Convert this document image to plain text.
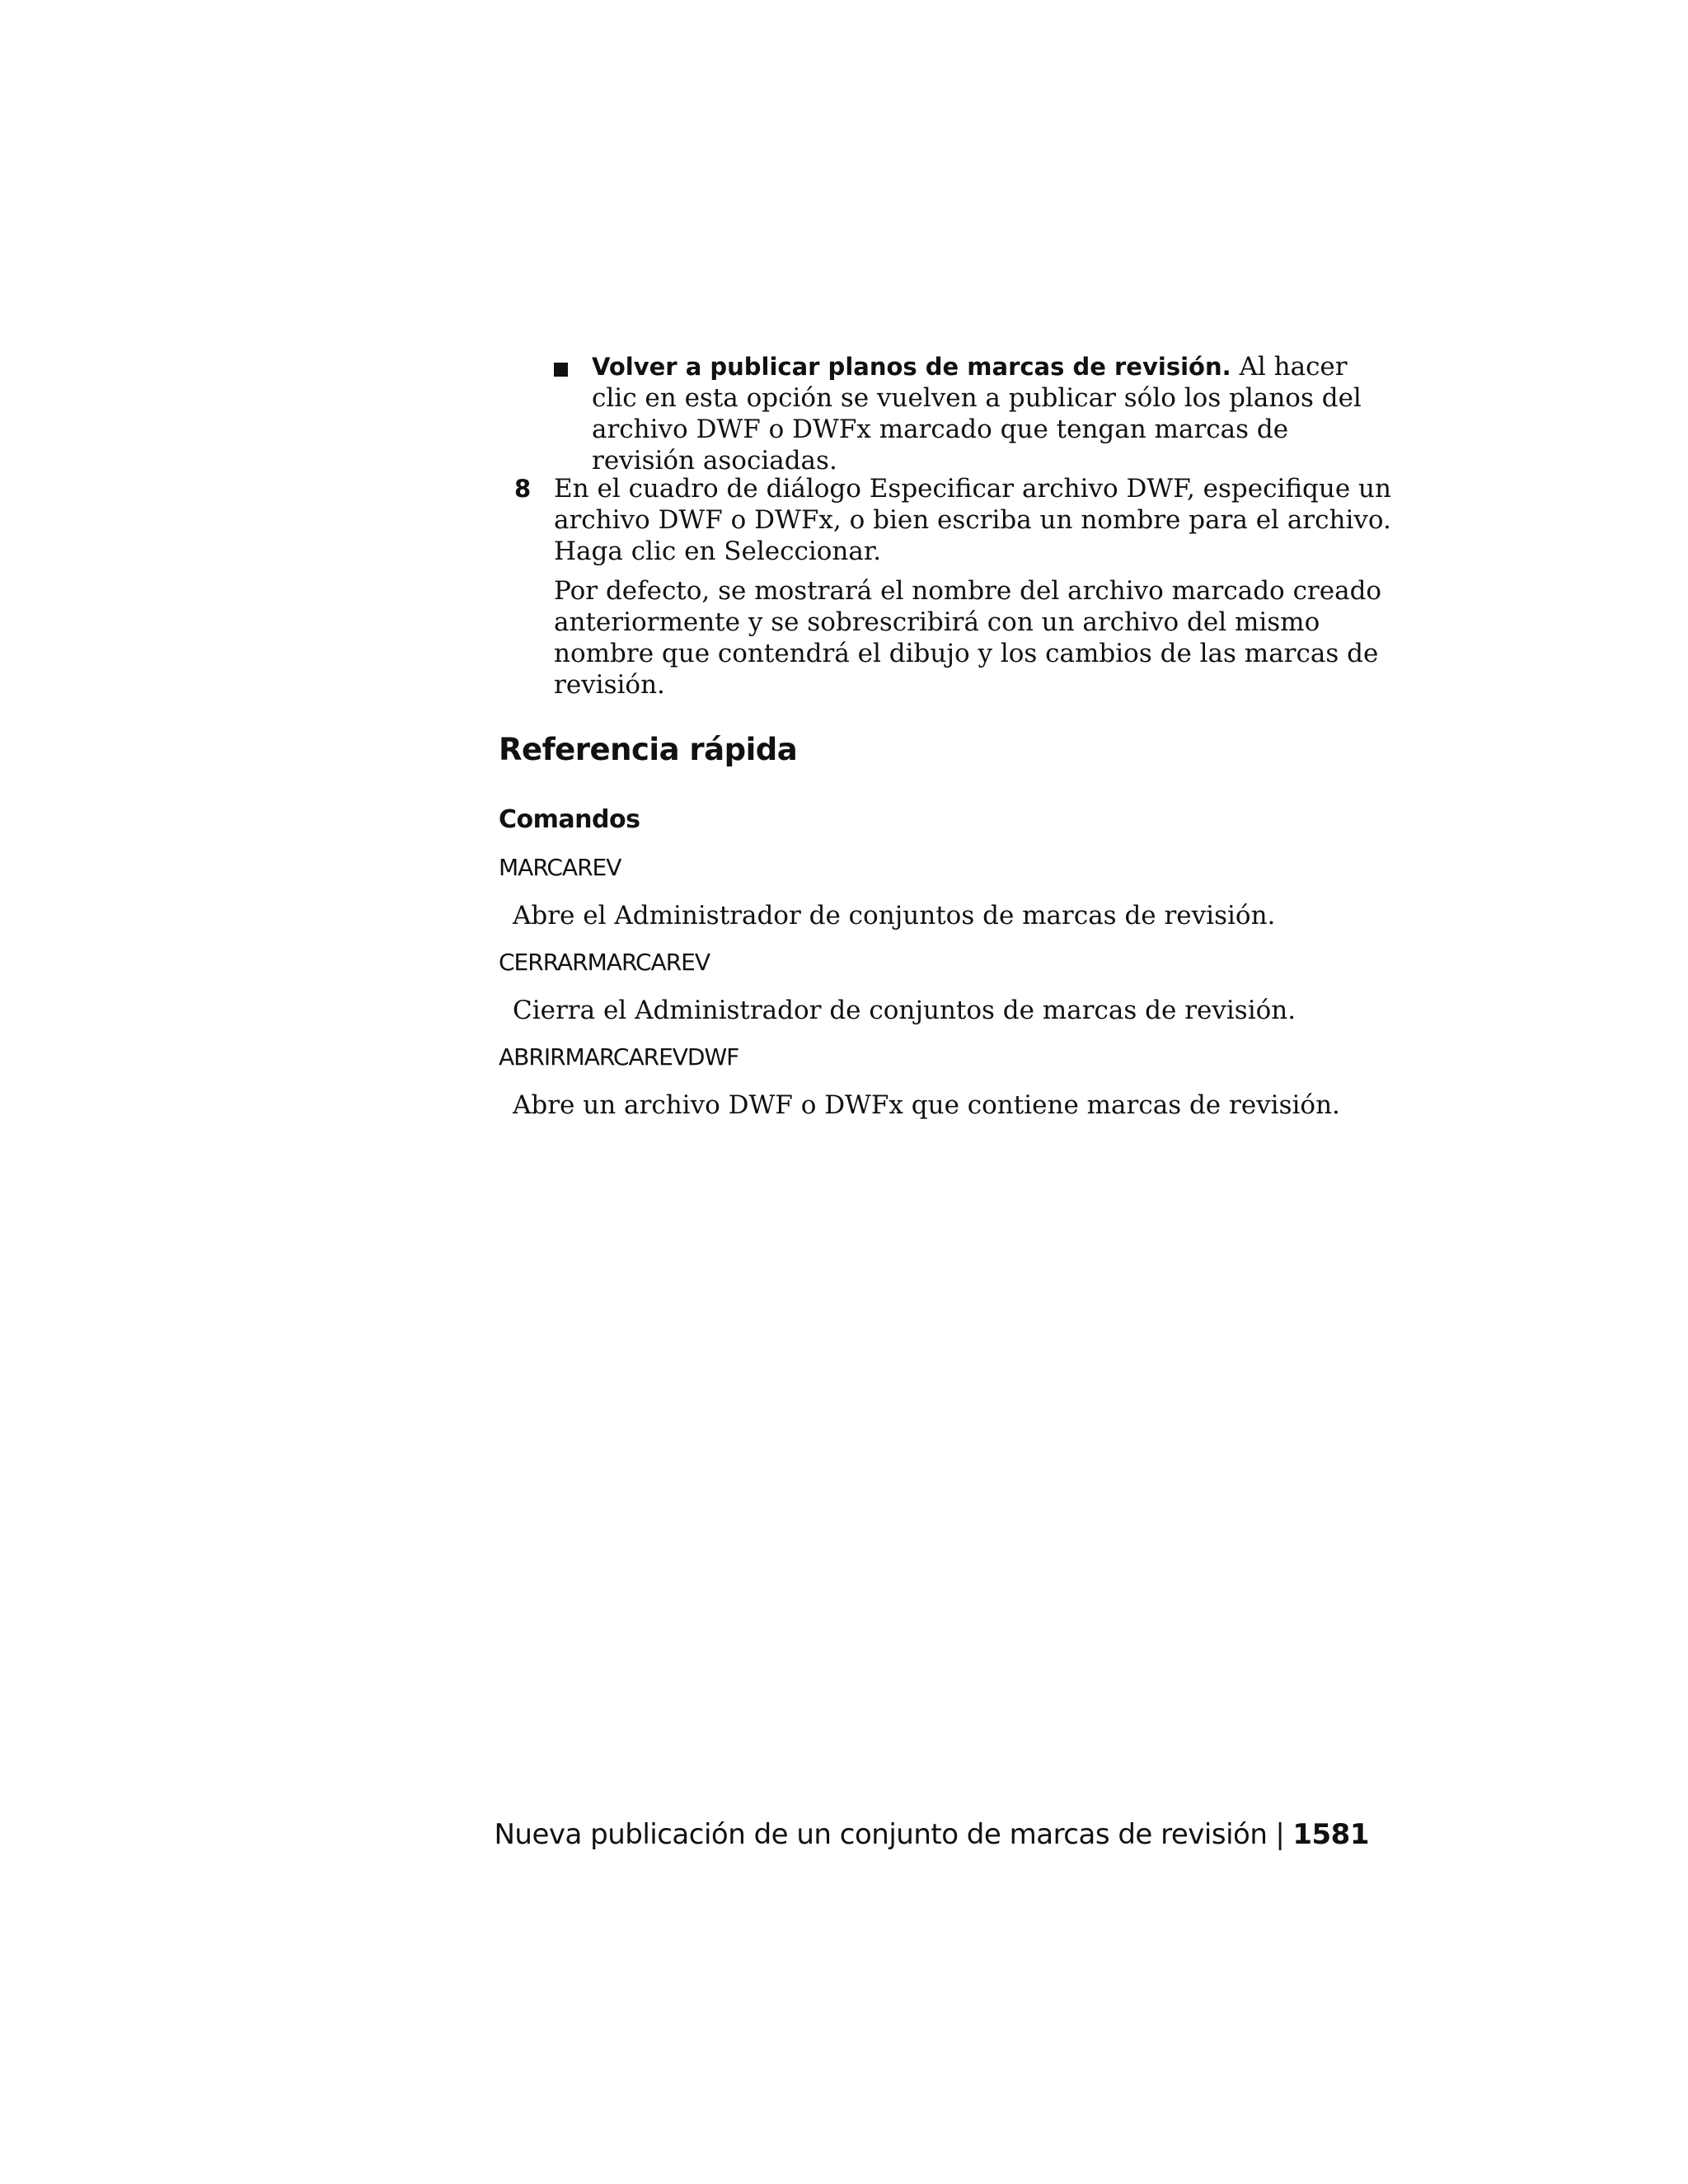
Volver a publicar planos de marcas de revisión. Al hacer clic en esta opción se vuelven a publicar sólo los planos del archivo DWF o DWFx marcado que tengan marcas de revisión asociadas.
8 En el cuadro de diálogo Especificar archivo DWF, especifique un archivo DWF o DWFx, o bien escriba un nombre para el archivo. Haga clic en Seleccionar.

Por defecto, se mostrará el nombre del archivo marcado creado anteriormente y se sobrescribirá con un archivo del mismo nombre que contendrá el dibujo y los cambios de las marcas de revisión.

Referencia rápida
Comandos
MARCAREV
Abre el Administrador de conjuntos de marcas de revisión.
CERRARMARCAREV
Cierra el Administrador de conjuntos de marcas de revisión.
ABRIRMARCAREVDWF
Abre un archivo DWF o DWFx que contiene marcas de revisión.
Nueva publicación de un conjunto de marcas de revisión | 1581
